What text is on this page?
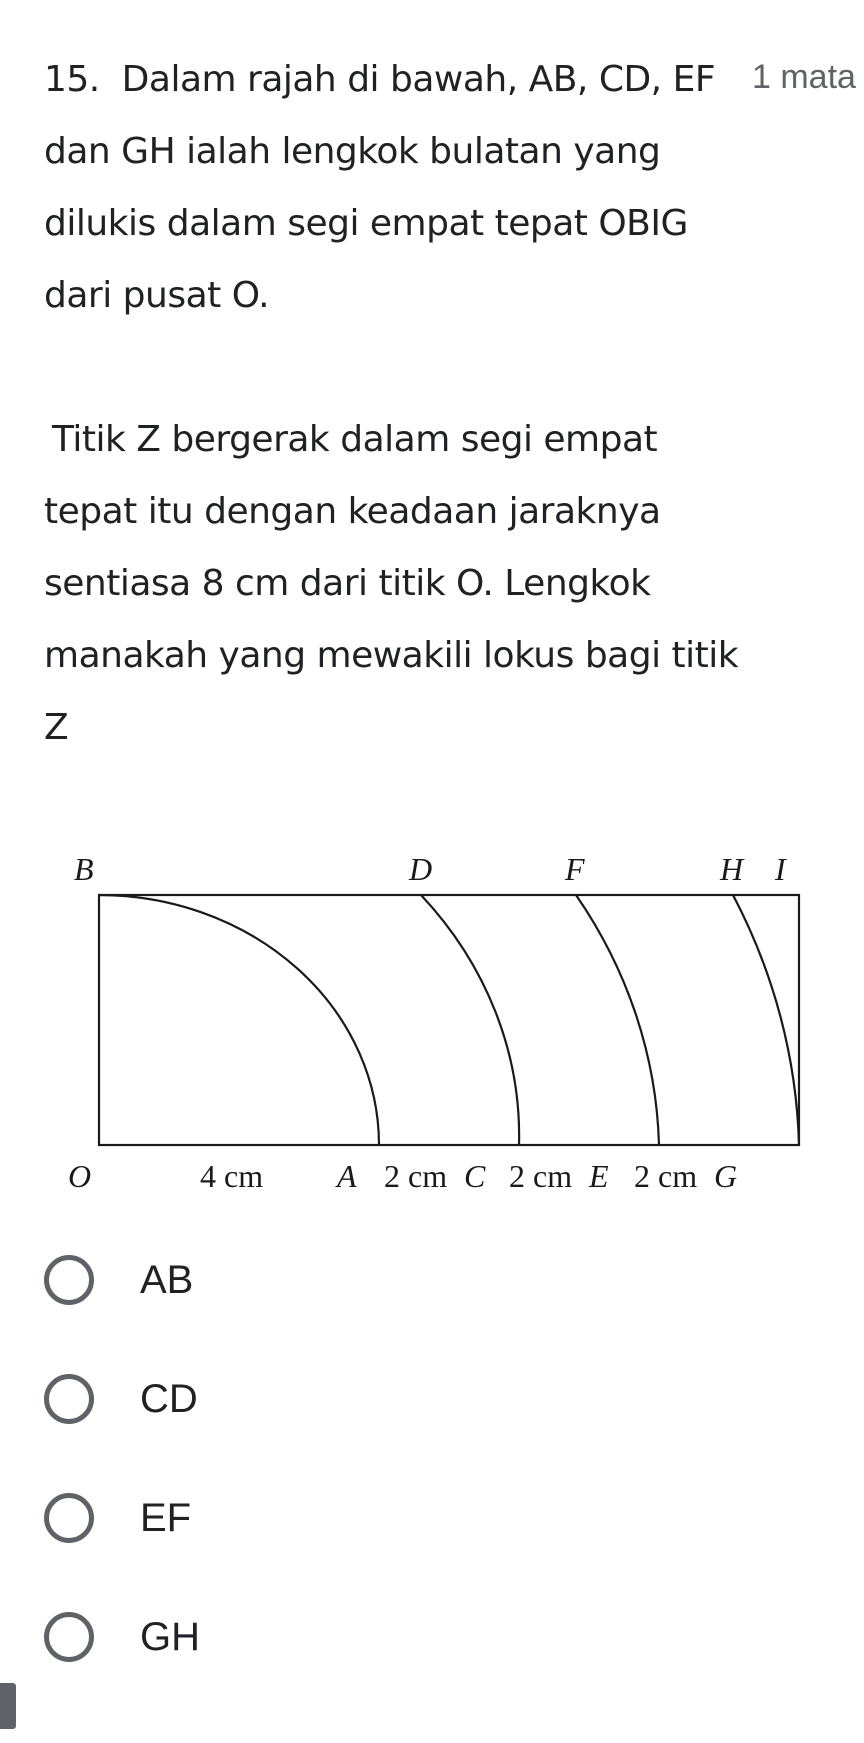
15. Dalam rajah di bawah, AB, CD, EF

dan GH ialah lengkok bulatan yang

dilukis dalam segi empat tepat OBIG

dari pusat O.

Titik Z bergerak dalam segi empat

tepat itu dengan keadaan jaraknya

sentiasa 8 cm dari titik O. Lengkok

manakah yang mewakili lokus bagi titik

Z

1 mata
B	D	F	H I
O	4 cm A 2 cm C 2 cm E 2 cm G
AB
CD
EF
GH
